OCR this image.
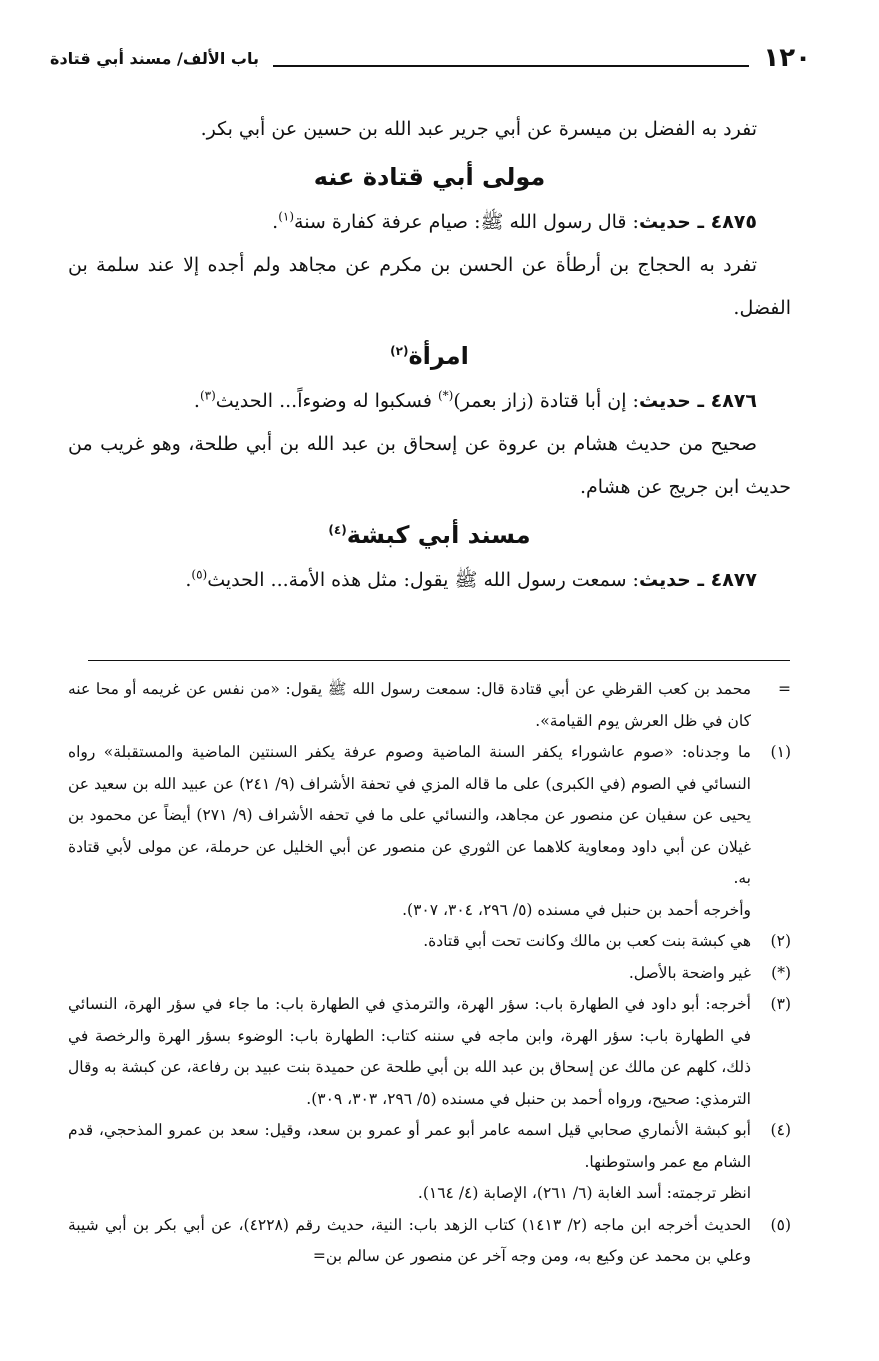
١٢٠
باب الألف/ مسند أبي قتادة

تفرد به الفضل بن ميسرة عن أبي جرير عبد الله بن حسين عن أبي بكر.

مولى أبي قتادة عنه

٤٨٧٥ ـ حديث: قال رسول الله ﷺ: صيام عرفة كفارة سنة$^{(١)}$.

تفرد به الحجاج بن أرطأة عن الحسن بن مكرم عن مجاهد ولم أجده إلا عند سلمة بن الفضل.

امرأة$^{(٢)}$

٤٨٧٦ ـ حديث: إن أبا قتادة (زاز بعمر)(*) فسكبوا له وضوءاً... الحديث$^{(٣)}$.

صحيح من حديث هشام بن عروة عن إسحاق بن عبد الله بن أبي طلحة، وهو غريب من حديث ابن جريج عن هشام.

مسند أبي كبشة$^{(٤)}$

٤٨٧٧ ـ حديث: سمعت رسول الله ﷺ يقول: مثل هذه الأمة... الحديث$^{(٥)}$.

=
محمد بن كعب القرظي عن أبي قتادة قال: سمعت رسول الله ﷺ يقول: «من نفس عن غريمه أو محا عنه كان في ظل العرش يوم القيامة».
(١)
ما وجدناه: «صوم عاشوراء يكفر السنة الماضية وصوم عرفة يكفر السنتين الماضية والمستقبلة» رواه النسائي في الصوم (في الكبرى) على ما قاله المزي في تحفة الأشراف (٩/ ٢٤١) عن عبيد الله بن سعيد عن يحيى عن سفيان عن منصور عن مجاهد، والنسائي على ما في تحفه الأشراف (٩/ ٢٧١) أيضاً عن محمود بن غيلان عن أبي داود ومعاوية كلاهما عن الثوري عن منصور عن أبي الخليل عن حرملة، عن مولى لأبي قتادة به.
وأخرجه أحمد بن حنبل في مسنده (٥/ ٢٩٦، ٣٠٤، ٣٠٧).
(٢)
هي كبشة بنت كعب بن مالك وكانت تحت أبي قتادة.
(*)
غير واضحة بالأصل.
(٣)
أخرجه: أبو داود في الطهارة باب: سؤر الهرة، والترمذي في الطهارة باب: ما جاء في سؤر الهرة، النسائي في الطهارة باب: سؤر الهرة، وابن ماجه في سننه كتاب: الطهارة باب: الوضوء بسؤر الهرة والرخصة في ذلك، كلهم عن مالك عن إسحاق بن عبد الله بن أبي طلحة عن حميدة بنت عبيد بن رفاعة، عن كبشة به وقال الترمذي: صحيح، ورواه أحمد بن حنبل في مسنده (٥/ ٢٩٦، ٣٠٣، ٣٠٩).
(٤)
أبو كبشة الأنماري صحابي قيل اسمه عامر أبو عمر أو عمرو بن سعد، وقيل: سعد بن عمرو المذحجي، قدم الشام مع عمر واستوطنها.
انظر ترجمته: أسد الغابة (٦/ ٢٦١)، الإصابة (٤/ ١٦٤).
(٥)
الحديث أخرجه ابن ماجه (٢/ ١٤١٣) كتاب الزهد باب: النية، حديث رقم (٤٢٢٨)، عن أبي بكر بن أبي شيبة وعلي بن محمد عن وكيع به، ومن وجه آخر عن منصور عن سالم بن=
